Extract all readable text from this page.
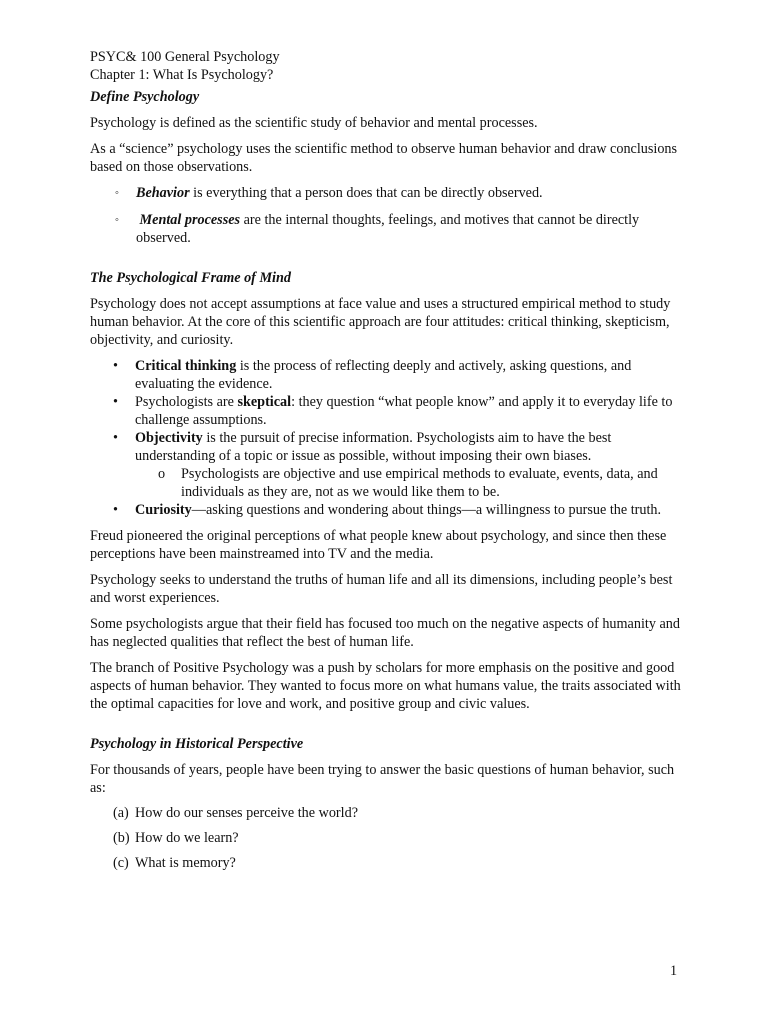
PSYC& 100 General Psychology

Chapter 1: What Is Psychology?

Define Psychology

Psychology is defined as the scientific study of behavior and mental processes.

As a “science” psychology uses the scientific method to observe human behavior and draw conclusions based on those observations.

◦ Behavior is everything that a person does that can be directly observed.
◦ Mental processes are the internal thoughts, feelings, and motives that cannot be directly observed.

The Psychological Frame of Mind

Psychology does not accept assumptions at face value and uses a structured empirical method to study human behavior. At the core of this scientific approach are four attitudes: critical thinking, skepticism, objectivity, and curiosity.

• Critical thinking is the process of reflecting deeply and actively, asking questions, and evaluating the evidence.
• Psychologists are skeptical: they question “what people know” and apply it to everyday life to challenge assumptions.
• Objectivity is the pursuit of precise information. Psychologists aim to have the best understanding of a topic or issue as possible, without imposing their own biases.
o Psychologists are objective and use empirical methods to evaluate, events, data, and individuals as they are, not as we would like them to be.
• Curiosity—asking questions and wondering about things—a willingness to pursue the truth.

Freud pioneered the original perceptions of what people knew about psychology, and since then these perceptions have been mainstreamed into TV and the media.

Psychology seeks to understand the truths of human life and all its dimensions, including people’s best and worst experiences.

Some psychologists argue that their field has focused too much on the negative aspects of humanity and has neglected qualities that reflect the best of human life.

The branch of Positive Psychology was a push by scholars for more emphasis on the positive and good aspects of human behavior. They wanted to focus more on what humans value, the traits associated with the optimal capacities for love and work, and positive group and civic values.

Psychology in Historical Perspective

For thousands of years, people have been trying to answer the basic questions of human behavior, such as:

(a) How do our senses perceive the world?
(b) How do we learn?
(c) What is memory?
1
